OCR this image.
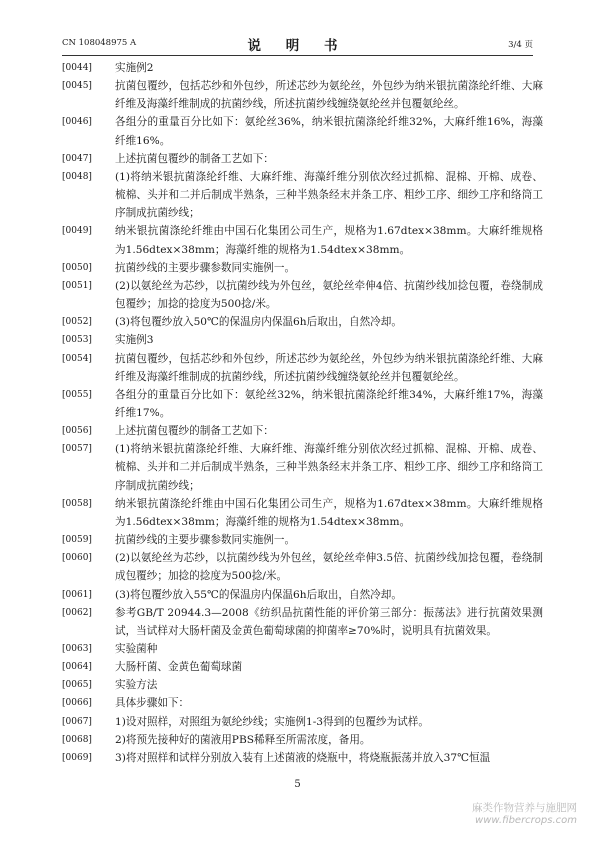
CN 108048975 A	说 明 书	3/4 页
[0044]	实施例2
[0045]	抗菌包覆纱，包括芯纱和外包纱，所述芯纱为氨纶丝，外包纱为纳米银抗菌涤纶纤维、大麻纤维及海藻纤维制成的抗菌纱线，所述抗菌纱线缠绕氨纶丝并包覆氨纶丝。
[0046]	各组分的重量百分比如下：氨纶丝36%，纳米银抗菌涤纶纤维32%，大麻纤维16%，海藻纤维16%。
[0047]	上述抗菌包覆纱的制备工艺如下：
[0048]	(1)将纳米银抗菌涤纶纤维、大麻纤维、海藻纤维分别依次经过抓棉、混棉、开棉、成卷、梳棉、头并和二并后制成半熟条，三种半熟条经末并条工序、粗纱工序、细纱工序和络筒工序制成抗菌纱线；
[0049]	纳米银抗菌涤纶纤维由中国石化集团公司生产，规格为1.67dtex×38mm。大麻纤维规格为1.56dtex×38mm；海藻纤维的规格为1.54dtex×38mm。
[0050]	抗菌纱线的主要步骤参数同实施例一。
[0051]	(2)以氨纶丝为芯纱，以抗菌纱线为外包丝，氨纶丝牵伸4倍、抗菌纱线加捻包覆，卷绕制成包覆纱；加捻的捻度为500捻/米。
[0052]	(3)将包覆纱放入50℃的保温房内保温6h后取出，自然冷却。
[0053]	实施例3
[0054]	抗菌包覆纱，包括芯纱和外包纱，所述芯纱为氨纶丝，外包纱为纳米银抗菌涤纶纤维、大麻纤维及海藻纤维制成的抗菌纱线，所述抗菌纱线缠绕氨纶丝并包覆氨纶丝。
[0055]	各组分的重量百分比如下：氨纶丝32%，纳米银抗菌涤纶纤维34%，大麻纤维17%，海藻纤维17%。
[0056]	上述抗菌包覆纱的制备工艺如下：
[0057]	(1)将纳米银抗菌涤纶纤维、大麻纤维、海藻纤维分别依次经过抓棉、混棉、开棉、成卷、梳棉、头并和二并后制成半熟条，三种半熟条经末并条工序、粗纱工序、细纱工序和络筒工序制成抗菌纱线；
[0058]	纳米银抗菌涤纶纤维由中国石化集团公司生产，规格为1.67dtex×38mm。大麻纤维规格为1.56dtex×38mm；海藻纤维的规格为1.54dtex×38mm。
[0059]	抗菌纱线的主要步骤参数同实施例一。
[0060]	(2)以氨纶丝为芯纱，以抗菌纱线为外包丝，氨纶丝牵伸3.5倍、抗菌纱线加捻包覆，卷绕制成包覆纱；加捻的捻度为500捻/米。
[0061]	(3)将包覆纱放入55℃的保温房内保温6h后取出，自然冷却。
[0062]	参考GB/T 20944.3—2008《纺织品抗菌性能的评价第三部分：振荡法》进行抗菌效果测试，当试样对大肠杆菌及金黄色葡萄球菌的抑菌率≥70%时，说明具有抗菌效果。
[0063]	实验菌种
[0064]	大肠杆菌、金黄色葡萄球菌
[0065]	实验方法
[0066]	具体步骤如下：
[0067]	1)设对照样，对照组为氨纶纱线；实施例1-3得到的包覆纱为试样。
[0068]	2)将预先接种好的菌液用PBS稀释至所需浓度，备用。
[0069]	3)将对照样和试样分别放入装有上述菌液的烧瓶中，将烧瓶振荡并放入37℃恒温
5
麻类作物营养与施肥网
www.fibercrops.com
